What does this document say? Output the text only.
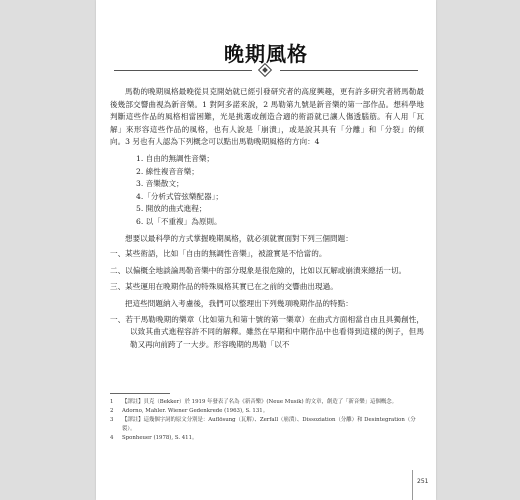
晚期風格

馬勒的晚期風格最晚從貝克開始就已經引發研究者的高度興趣，更有許多研究者將馬勒最後幾部交響曲視為新音樂。1 對阿多諾來說，2 馬勒第九號是新音樂的第一部作品。想科學地判斷這些作品的風格相當困難，光是挑選或創造合適的術語就已讓人傷透腦筋。有人用「瓦解」來形容這些作品的風格，也有人說是「崩潰」，或是說其具有「分離」和「分裂」的傾向。3 另也有人認為下列概念可以點出馬勒晚期風格的方向：4

1. 自由的無調性音樂；
2. 線性複音音樂；
3. 音樂散文；
4.「分析式管弦樂配器」；
5. 開放的曲式進程；
6. 以「不重複」為原則。

想要以最科學的方式掌握晚期風格，就必須就實面對下列三個問題：

一、某些術語，比如「自由的無調性音樂」，被證實是不恰當的。
二、以偏概全地談論馬勒音樂中的部分現象是很危險的，比如以瓦解或崩潰來總括一切。
三、某些運用在晚期作品的特殊風格其實已在之前的交響曲出現過。

把這些問題納入考慮後，我們可以整理出下列幾項晚期作品的特點：

一、若干馬勒晚期的樂章（比如第九和第十號的第一樂章）在曲式方面相當自由且具獨創性，以致其曲式進程容許不同的解釋。雖然在早期和中期作品中也看得到這樣的例子，但馬勒又再向前跨了一大步。形容晚期的馬勒「以不
1	【譯註】貝克（Bekker）於 1919 年發表了名為《新音樂》(Neue Musik) 的文章，創造了「新音樂」這個概念。
2	Adorno, Mahler. Wiener Gedenkrede (1963), S. 131。
3	【譯註】這幾個字詞的原文分別是：Auflösung（瓦解）、Zerfall（崩潰）、Dissoziation（分離）和 Desintegration（分裂）。
4	Sponheuer (1978), S. 411。
251
